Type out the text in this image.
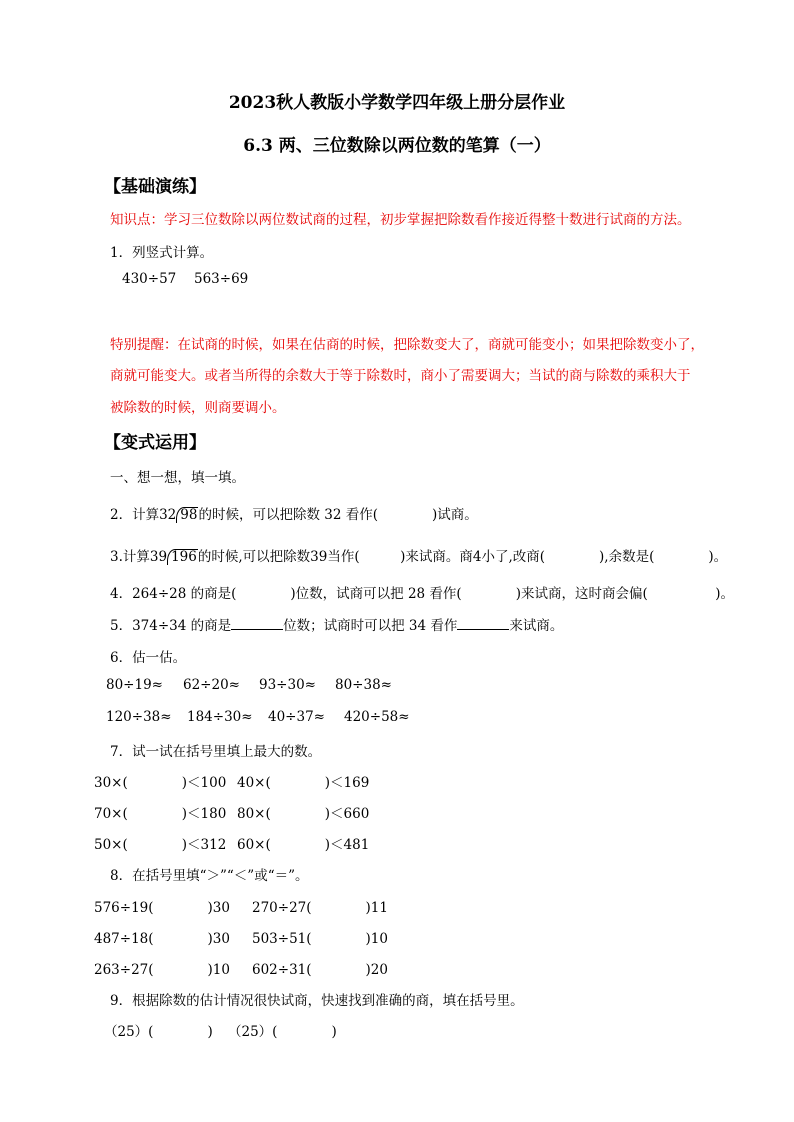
2023秋人教版小学数学四年级上册分层作业
6.3 两、三位数除以两位数的笔算（一）
【基础演练】
知识点：学习三位数除以两位数试商的过程，初步掌握把除数看作接近得整十数进行试商的方法。
1．列竖式计算。
430÷57 563÷69
特别提醒：在试商的时候，如果在估商的时候，把除数变大了，商就可能变小；如果把除数变小了，
商就可能变大。或者当所得的余数大于等于除数时，商小了需要调大；当试的商与除数的乘积大于
被除数的时候，则商要调小。
【变式运用】
一、想一想，填一填。
2．计算32 98的时候，可以把除数 32 看作(　　　　)试商。
3.计算39 196的时候,可以把除数39当作(　　　)来试商。商4小了,改商(　　　　),余数是(　　　　)。
4．264÷28 的商是(　　　　)位数，试商可以把 28 看作(　　　　)来试商，这时商会偏(　　　　　)。
5．374÷34 的商是	位数；试商时可以把 34 看作	来试商。
6．估一估。
80÷19≈ 62÷20≈ 93÷30≈ 80÷38≈
120÷38≈ 184÷30≈ 40÷37≈ 420÷58≈
7．试一试在括号里填上最大的数。
30×(　　　　)＜100 40×(　　　　)＜169
70×(　　　　)＜180 80×(　　　　)＜660
50×(　　　　)＜312 60×(　　　　)＜481
8．在括号里填“＞”“＜”或“＝”。
576÷19(　　　　)30 270÷27(　　　　)11
487÷18(　　　　)30 503÷51(　　　　)10
263÷27(　　　　)10 602÷31(　　　　)20
9．根据除数的估计情况很快试商，快速找到准确的商，填在括号里。
（25）(　　　　) （25）(　　　　)
